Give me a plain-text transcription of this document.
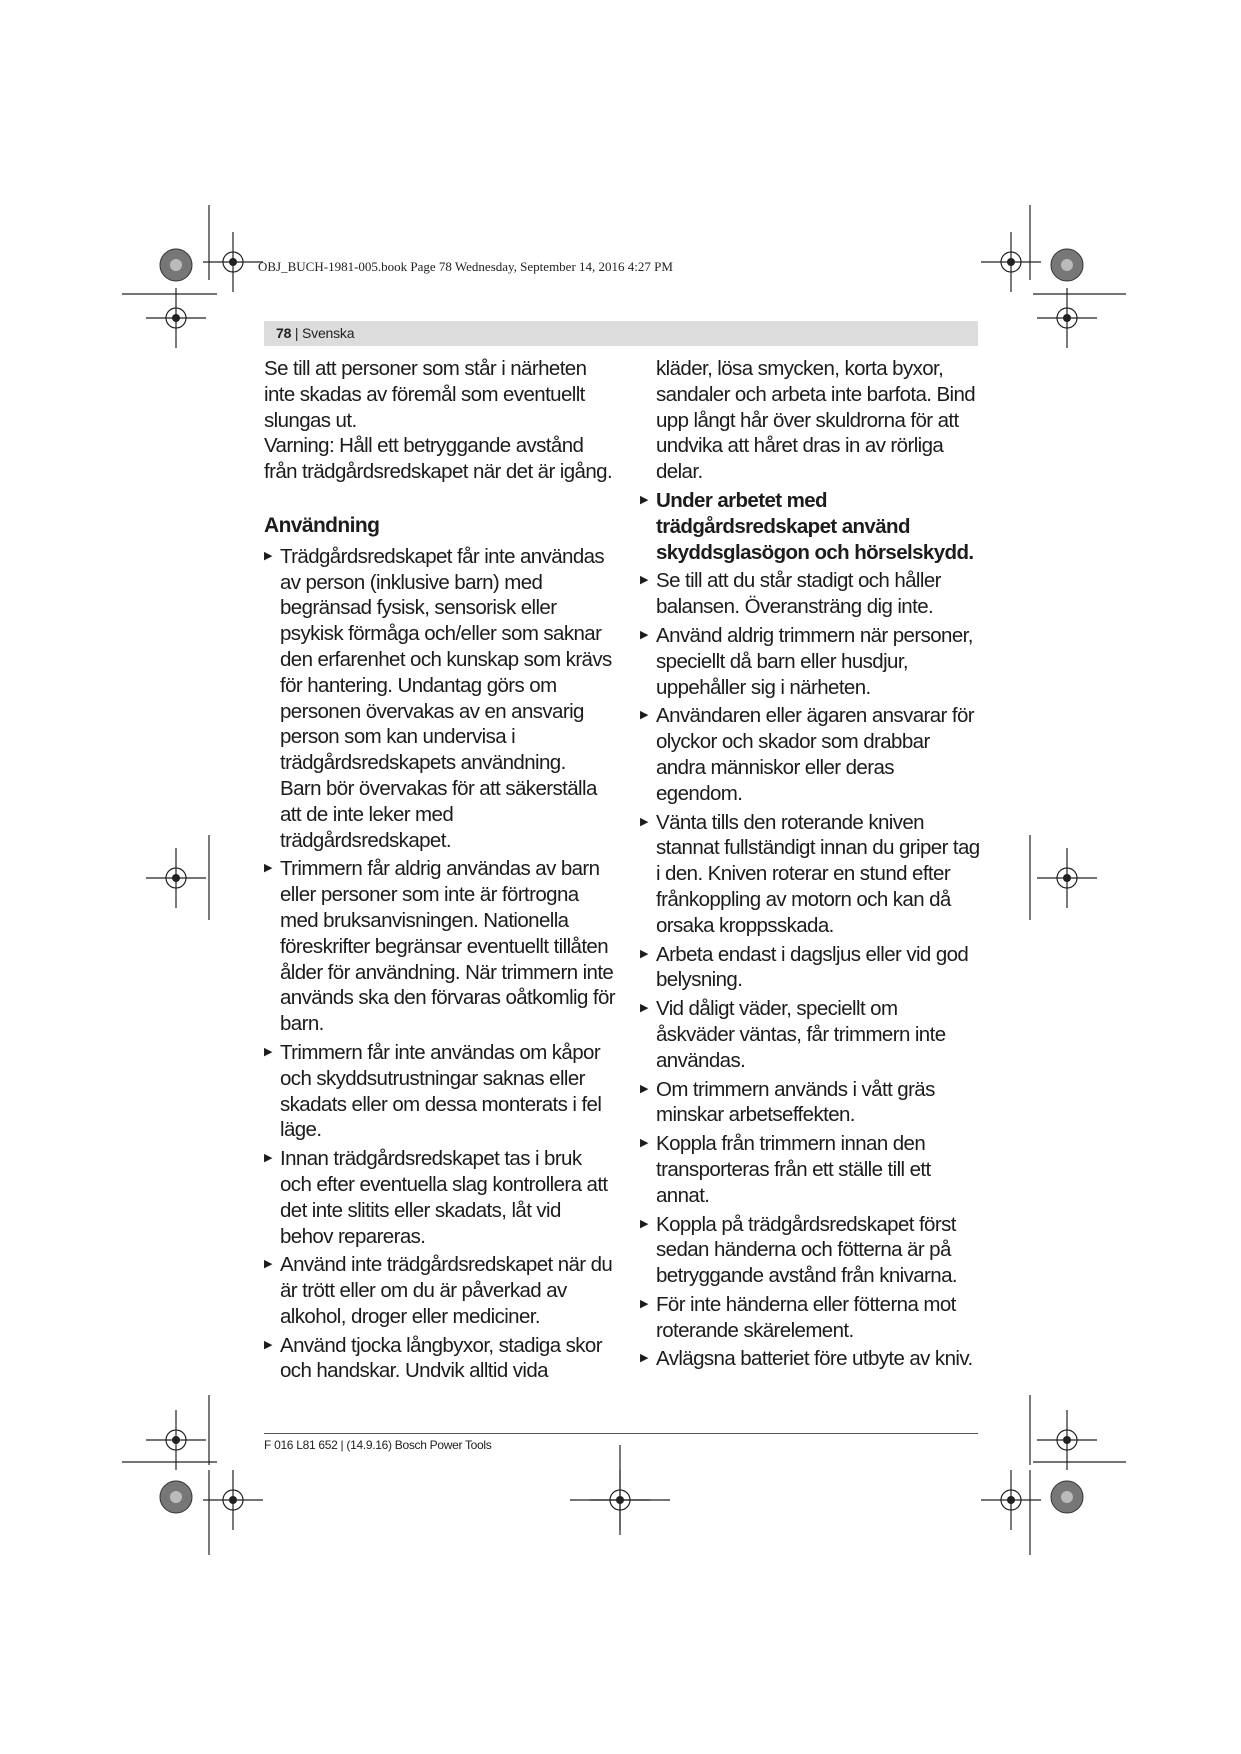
OBJ_BUCH-1981-005.book Page 78 Wednesday, September 14, 2016 4:27 PM
78 | Svenska

Se till att personer som står i närheten inte skadas av föremål som eventuellt slungas ut.

Varning: Håll ett betryggande avstånd från trädgårdsredskapet när det är igång.

Användning

▶ Trädgårdsredskapet får inte användas av person (inklusive barn) med begränsad fysisk, sensorisk eller psykisk förmåga och/eller som saknar den erfarenhet och kunskap som krävs för hantering. Undantag görs om personen övervakas av en ansvarig person som kan undervisa i trädgårdsredskapets användning.
Barn bör övervakas för att säkerställa att de inte leker med trädgårdsredskapet.
▶ Trimmern får aldrig användas av barn eller personer som inte är förtrogna med bruksanvisningen. Nationella föreskrifter begränsar eventuellt tillåten ålder för användning. När trimmern inte används ska den förvaras oåtkomlig för barn.
▶ Trimmern får inte användas om kåpor och skyddsutrustningar saknas eller skadats eller om dessa monterats i fel läge.
▶ Innan trädgårdsredskapet tas i bruk och efter eventuella slag kontrollera att det inte slitits eller skadats, låt vid behov repareras.
▶ Använd inte trädgårdsredskapet när du är trött eller om du är påverkad av alkohol, droger eller mediciner.
▶ Använd tjocka långbyxor, stadiga skor och handskar. Undvik alltid vida

kläder, lösa smycken, korta byxor, sandaler och arbeta inte barfota. Bind upp långt hår över skuldrorna för att undvika att håret dras in av rörliga delar.

▶ Under arbetet med trädgårdsredskapet använd skyddsglasögon och hörselskydd.
▶ Se till att du står stadigt och håller balansen. Överansträng dig inte.
▶ Använd aldrig trimmern när personer, speciellt då barn eller husdjur, uppehåller sig i närheten.
▶ Användaren eller ägaren ansvarar för olyckor och skador som drabbar andra människor eller deras egendom.
▶ Vänta tills den roterande kniven stannat fullständigt innan du griper tag i den. Kniven roterar en stund efter frånkoppling av motorn och kan då orsaka kroppsskada.
▶ Arbeta endast i dagsljus eller vid god belysning.
▶ Vid dåligt väder, speciellt om åskväder väntas, får trimmern inte användas.
▶ Om trimmern används i vått gräs minskar arbetseffekten.
▶ Koppla från trimmern innan den transporteras från ett ställe till ett annat.
▶ Koppla på trädgårdsredskapet först sedan händerna och fötterna är på betryggande avstånd från knivarna.
▶ För inte händerna eller fötterna mot roterande skärelement.
▶ Avlägsna batteriet före utbyte av kniv.
F 016 L81 652 | (14.9.16) Bosch Power Tools
